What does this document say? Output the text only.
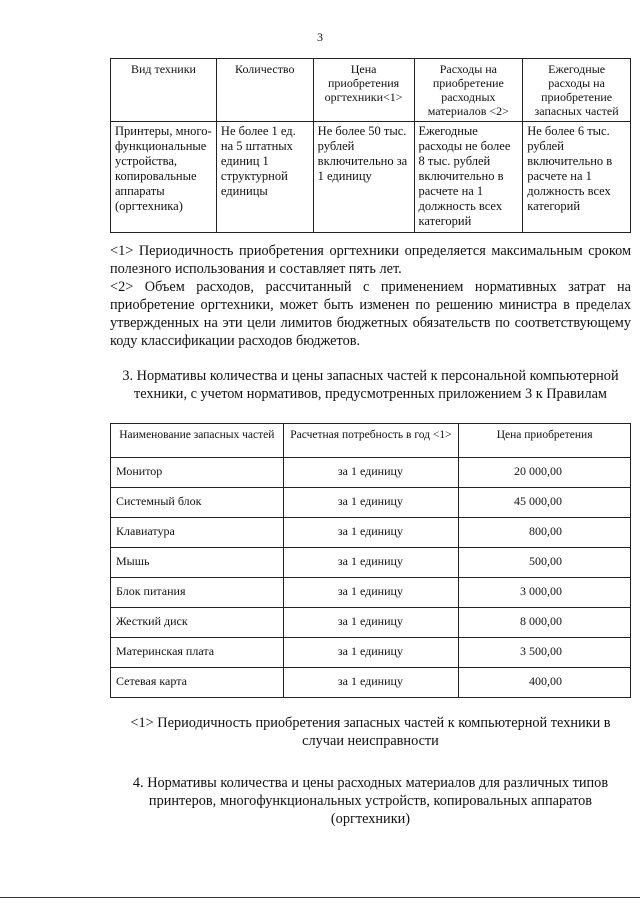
3
Вид техники	Количество	Цена приобретения оргтехники<1>	Расходы на приобретение расходных материалов <2>	Ежегодные расходы на приобретение запасных частей
Принтеры, много-функциональные устройства, копировальные аппараты (оргтехника)	Не более 1 ед. на 5 штатных единиц 1 структурной единицы	Не более 50 тыс. рублей включительно за 1 единицу	Ежегодные расходы не более 8 тыс. рублей включительно в расчете на 1 должность всех категорий	Не более 6 тыс. рублей включительно в расчете на 1 должность всех категорий

<1> Периодичность приобретения оргтехники определяется максимальным сроком полезного использования и составляет пять лет.

<2> Объем расходов, рассчитанный с применением нормативных затрат на приобретение оргтехники, может быть изменен по решению министра в пределах утвержденных на эти цели лимитов бюджетных обязательств по соответствующему коду классификации расходов бюджетов.

3. Нормативы количества и цены запасных частей к персональной компьютерной техники, с учетом нормативов, предусмотренных приложением 3 к Правилам

Наименование запасных частей	Расчетная потребность в год <1>	Цена приобретения
Монитор	за 1 единицу	20 000,00
Системный блок	за 1 единицу	45 000,00
Клавиатура	за 1 единицу	800,00
Мышь	за 1 единицу	500,00
Блок питания	за 1 единицу	3 000,00
Жесткий диск	за 1 единицу	8 000,00
Материнская плата	за 1 единицу	3 500,00
Сетевая карта	за 1 единицу	400,00

<1> Периодичность приобретения запасных частей к компьютерной техники в случаи неисправности

4. Нормативы количества и цены расходных материалов для различных типов принтеров, многофункциональных устройств, копировальных аппаратов (оргтехники)
